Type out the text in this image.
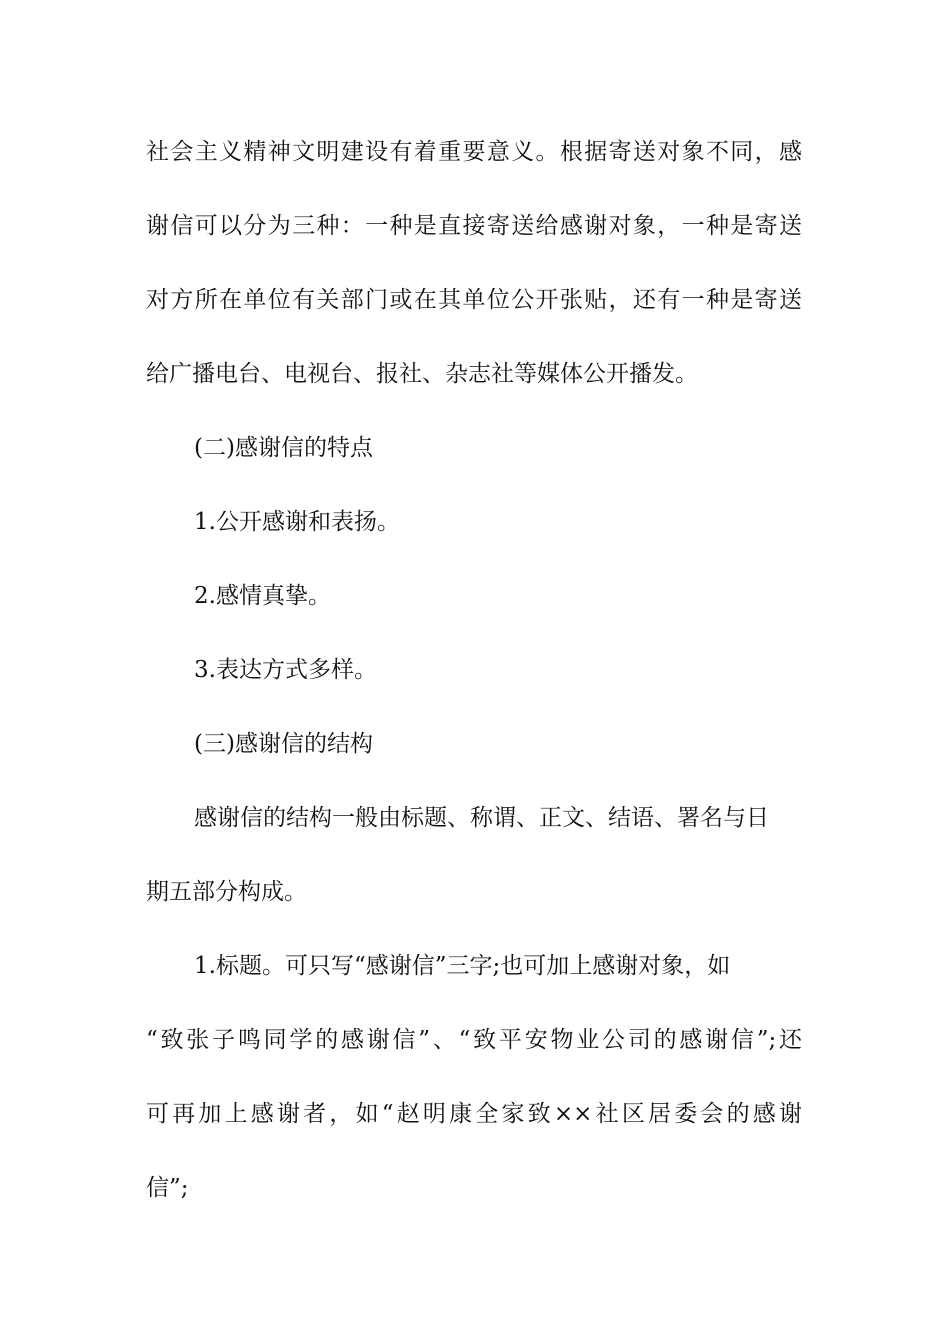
社会主义精神文明建设有着重要意义。根据寄送对象不同，感

谢信可以分为三种：一种是直接寄送给感谢对象，一种是寄送

对方所在单位有关部门或在其单位公开张贴，还有一种是寄送

给广播电台、电视台、报社、杂志社等媒体公开播发。

(二)感谢信的特点

1.公开感谢和表扬。

2.感情真挚。

3.表达方式多样。

(三)感谢信的结构

感谢信的结构一般由标题、称谓、正文、结语、署名与日

期五部分构成。

1.标题。可只写“感谢信”三字;也可加上感谢对象，如

“致张子鸣同学的感谢信”、“致平安物业公司的感谢信”;还

可再加上感谢者，如“赵明康全家致××社区居委会的感谢

信”;
